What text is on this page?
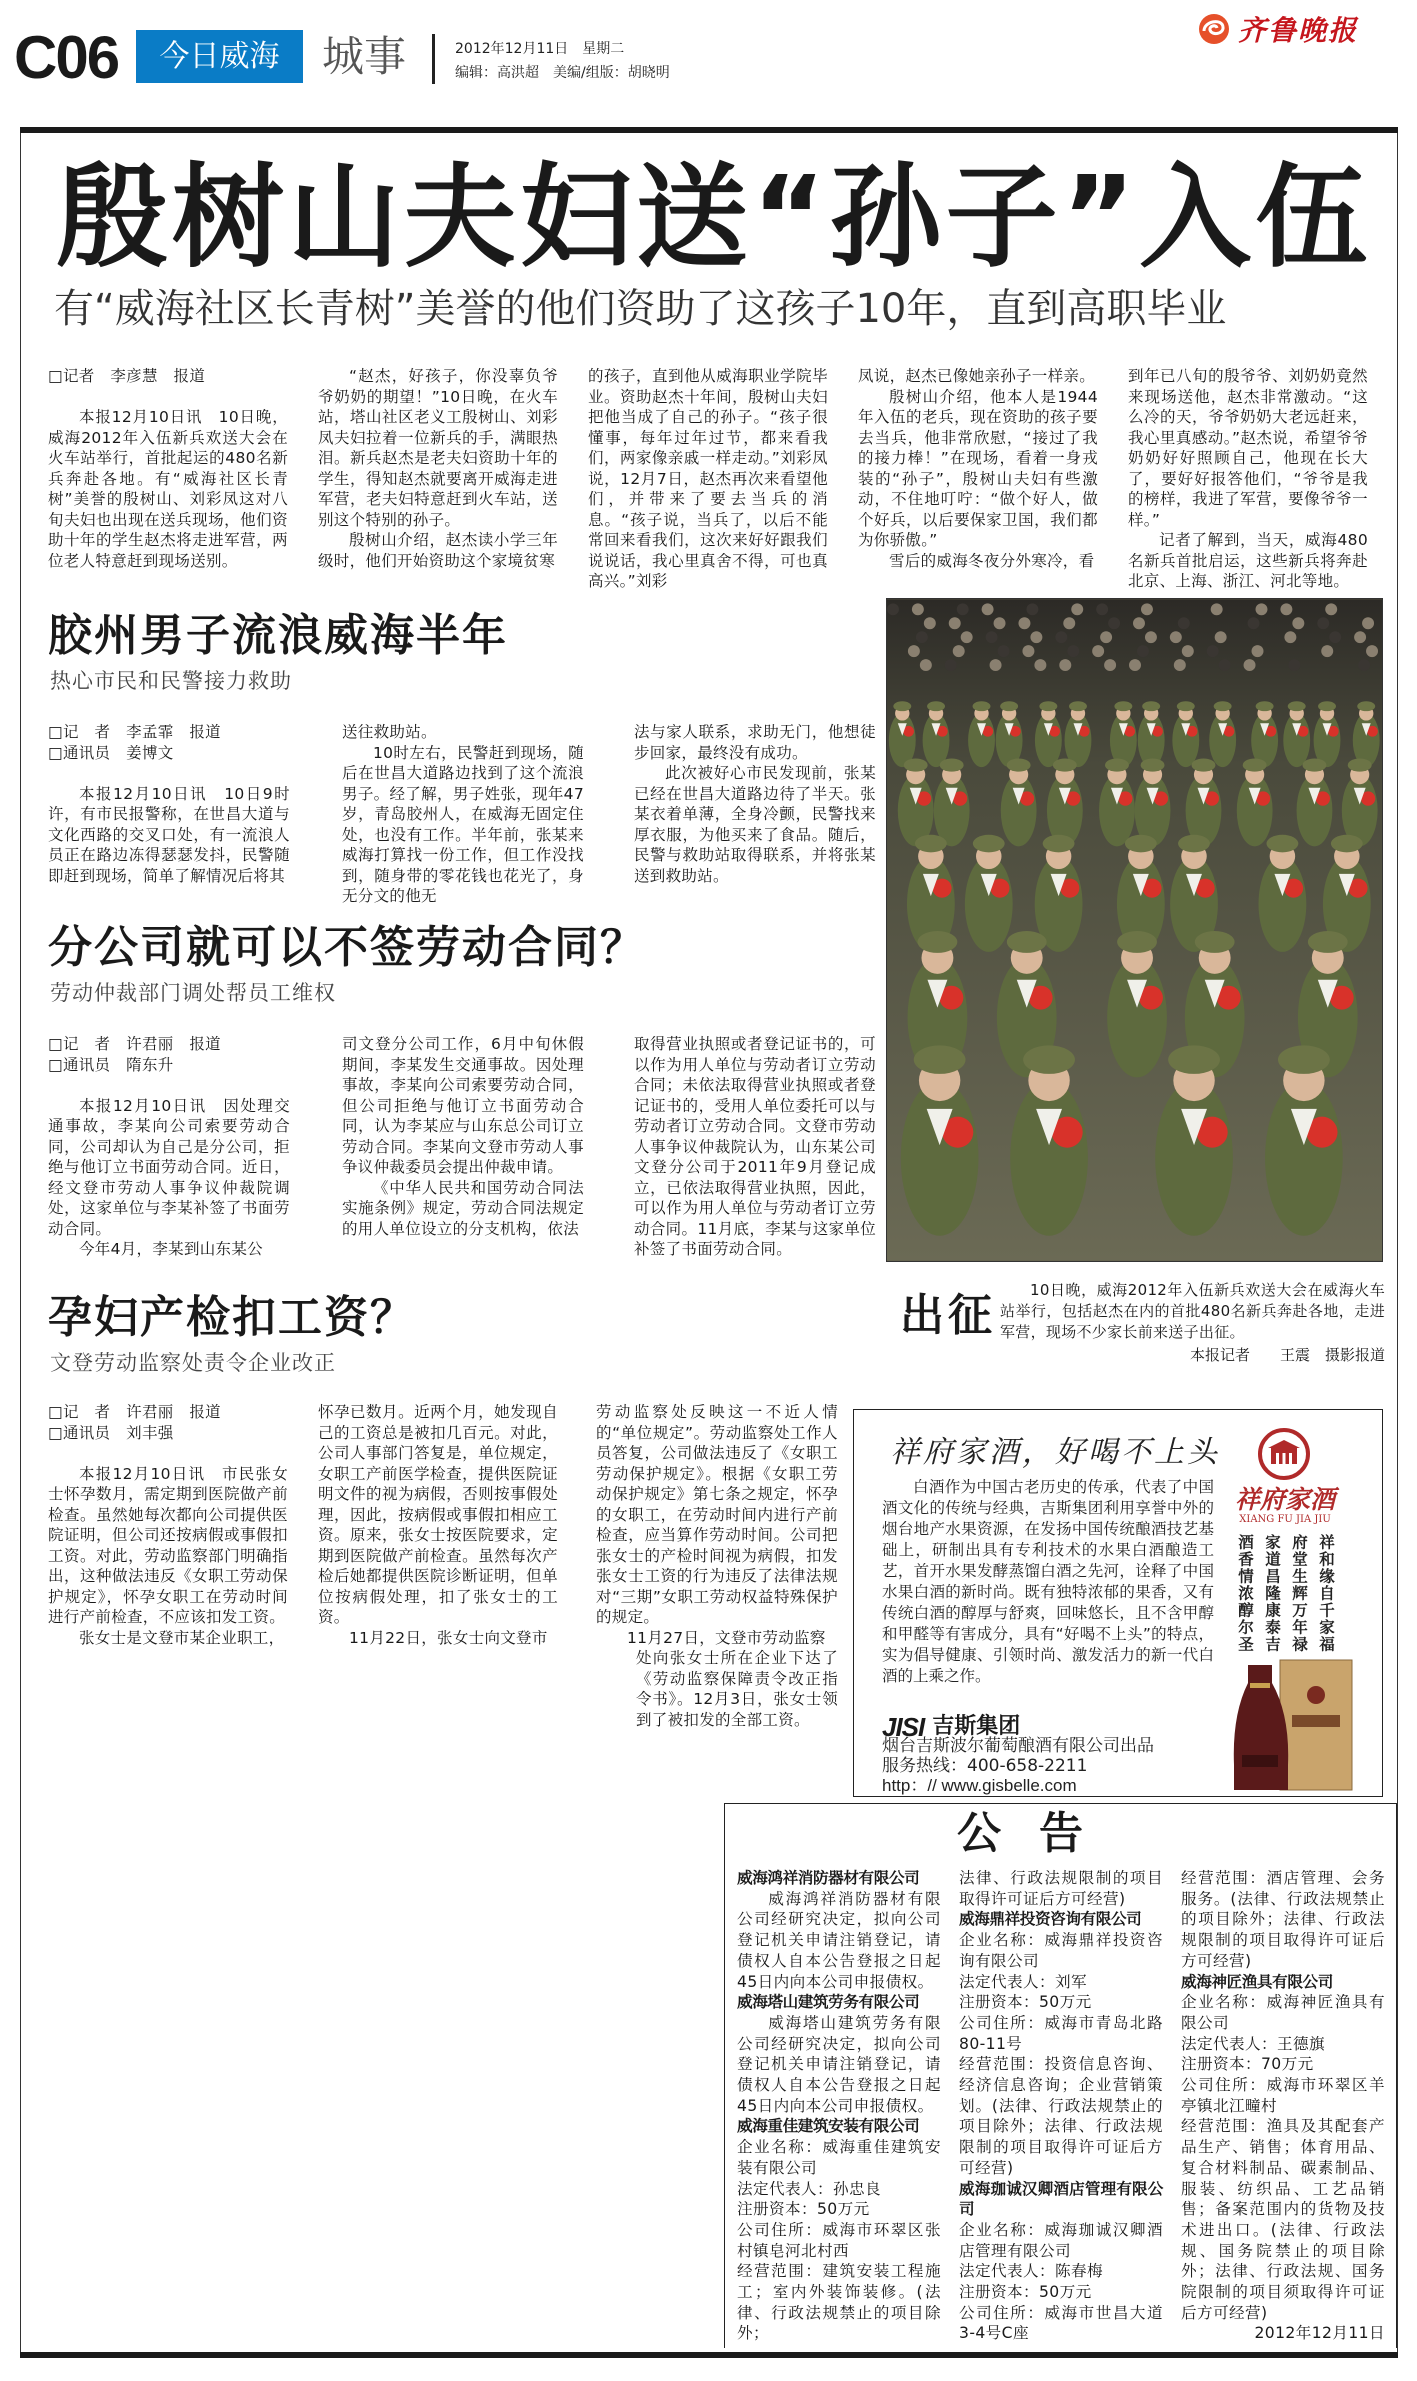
C06	今日威海	城事	2012年12月11日　星期二
编辑：高洪超　美编/组版：胡晓明
齐鲁晚报
殷树山夫妇送“孙子”入伍
有“威海社区长青树”美誉的他们资助了这孩子10年，直到高职毕业

□记者　李彦慧　报道

本报12月10日讯　10日晚，威海2012年入伍新兵欢送大会在火车站举行，首批起运的480名新兵奔赴各地。有“威海社区长青树”美誉的殷树山、刘彩凤这对八旬夫妇也出现在送兵现场，他们资助十年的学生赵杰将走进军营，两位老人特意赶到现场送别。

“赵杰，好孩子，你没辜负爷爷奶奶的期望！”10日晚，在火车站，塔山社区老义工殷树山、刘彩凤夫妇拉着一位新兵的手，满眼热泪。新兵赵杰是老夫妇资助十年的学生，得知赵杰就要离开威海走进军营，老夫妇特意赶到火车站，送别这个特别的孙子。

殷树山介绍，赵杰读小学三年级时，他们开始资助这个家境贫寒

的孩子，直到他从威海职业学院毕业。资助赵杰十年间，殷树山夫妇把他当成了自己的孙子。“孩子很懂事，每年过年过节，都来看我们，两家像亲戚一样走动。”刘彩凤说，12月7日，赵杰再次来看望他们，并带来了要去当兵的消息。“孩子说，当兵了，以后不能常回来看我们，这次来好好跟我们说说话，我心里真舍不得，可也真高兴。”刘彩

凤说，赵杰已像她亲孙子一样亲。

殷树山介绍，他本人是1944年入伍的老兵，现在资助的孩子要去当兵，他非常欣慰，“接过了我的接力棒！”在现场，看着一身戎装的“孙子”，殷树山夫妇有些激动，不住地叮咛：“做个好人，做个好兵，以后要保家卫国，我们都为你骄傲。”

雪后的威海冬夜分外寒冷，看

到年已八旬的殷爷爷、刘奶奶竟然来现场送他，赵杰非常激动。“这么冷的天，爷爷奶奶大老远赶来，我心里真感动。”赵杰说，希望爷爷奶奶好好照顾自己，他现在长大了，要好好报答他们，“爷爷是我的榜样，我进了军营，要像爷爷一样。”

记者了解到，当天，威海480名新兵首批启运，这些新兵将奔赴北京、上海、浙江、河北等地。

胶州男子流浪威海半年
热心市民和民警接力救助

□记　者　李孟霏　报道

□通讯员　姜博文

本报12月10日讯　10日9时许，有市民报警称，在世昌大道与文化西路的交叉口处，有一流浪人员正在路边冻得瑟瑟发抖，民警随即赶到现场，简单了解情况后将其

送往救助站。

10时左右，民警赶到现场，随后在世昌大道路边找到了这个流浪男子。经了解，男子姓张，现年47岁，青岛胶州人，在威海无固定住处，也没有工作。半年前，张某来威海打算找一份工作，但工作没找到，随身带的零花钱也花光了，身无分文的他无

法与家人联系，求助无门，他想徒步回家，最终没有成功。

此次被好心市民发现前，张某已经在世昌大道路边待了半天。张某衣着单薄，全身冷颤，民警找来厚衣服，为他买来了食品。随后，民警与救助站取得联系，并将张某送到救助站。

分公司就可以不签劳动合同？
劳动仲裁部门调处帮员工维权

□记　者　许君丽　报道

□通讯员　隋东升

本报12月10日讯　因处理交通事故，李某向公司索要劳动合同，公司却认为自己是分公司，拒绝与他订立书面劳动合同。近日，经文登市劳动人事争议仲裁院调处，这家单位与李某补签了书面劳动合同。

今年4月，李某到山东某公

司文登分公司工作，6月中旬休假期间，李某发生交通事故。因处理事故，李某向公司索要劳动合同，但公司拒绝与他订立书面劳动合同，认为李某应与山东总公司订立劳动合同。李某向文登市劳动人事争议仲裁委员会提出仲裁申请。

《中华人民共和国劳动合同法实施条例》规定，劳动合同法规定的用人单位设立的分支机构，依法

取得营业执照或者登记证书的，可以作为用人单位与劳动者订立劳动合同；未依法取得营业执照或者登记证书的，受用人单位委托可以与劳动者订立劳动合同。文登市劳动人事争议仲裁院认为，山东某公司文登分公司于2011年9月登记成立，已依法取得营业执照，因此，可以作为用人单位与劳动者订立劳动合同。11月底，李某与这家单位补签了书面劳动合同。

出征	10日晚，威海2012年入伍新兵欢送大会在威海火车站举行，包括赵杰在内的首批480名新兵奔赴各地，走进军营，现场不少家长前来送子出征。
本报记者　　王震　摄影报道
孕妇产检扣工资？
文登劳动监察处责令企业改正

□记　者　许君丽　报道

□通讯员　刘丰强

本报12月10日讯　市民张女士怀孕数月，需定期到医院做产前检查。虽然她每次都向公司提供医院证明，但公司还按病假或事假扣工资。对此，劳动监察部门明确指出，这种做法违反《女职工劳动保护规定》，怀孕女职工在劳动时间进行产前检查，不应该扣发工资。

张女士是文登市某企业职工，

怀孕已数月。近两个月，她发现自己的工资总是被扣几百元。对此，公司人事部门答复是，单位规定，女职工产前医学检查，提供医院证明文件的视为病假，否则按事假处理，因此，按病假或事假扣相应工资。原来，张女士按医院要求，定期到医院做产前检查。虽然每次产检后她都提供医院诊断证明，但单位按病假处理，扣了张女士的工资。

11月22日，张女士向文登市

劳动监察处反映这一不近人情的“单位规定”。劳动监察处工作人员答复，公司做法违反了《女职工劳动保护规定》。根据《女职工劳动保护规定》第七条之规定，怀孕的女职工，在劳动时间内进行产前检查，应当算作劳动时间。公司把张女士的产检时间视为病假，扣发张女士工资的行为违反了法律法规对“三期”女职工劳动权益特殊保护的规定。

11月27日，文登市劳动监察

处向张女士所在企业下达了《劳动监察保障责令改正指令书》。12月3日，张女士领到了被扣发的全部工资。

祥府家酒，好喝不上头
白酒作为中国古老历史的传承，代表了中国酒文化的传统与经典，吉斯集团利用享誉中外的烟台地产水果资源，在发扬中国传统酿酒技艺基础上，研制出具有专利技术的水果白酒酿造工艺，首开水果发酵蒸馏白酒之先河，诠释了中国水果白酒的新时尚。既有独特浓郁的果香，又有传统白酒的醇厚与舒爽，回味悠长，且不含甲醇和甲醛等有害成分，具有“好喝不上头”的特点，实为倡导健康、引领时尚、激发活力的新一代白酒的上乘之作。
JISI 吉斯集团
烟台吉斯波尔葡萄酿酒有限公司出品
服务热线：400-658-2211
http：// www.gisbelle.com
祥府家酒
XIANG FU JIA JIU
祥和缘自千家福
府堂生辉万年禄
家道昌隆康泰吉
酒香情浓醇尔圣
公告

威海鸿祥消防器材有限公司

威海鸿祥消防器材有限公司经研究决定，拟向公司登记机关申请注销登记，请债权人自本公告登报之日起45日内向本公司申报债权。

威海塔山建筑劳务有限公司

威海塔山建筑劳务有限公司经研究决定，拟向公司登记机关申请注销登记，请债权人自本公告登报之日起45日内向本公司申报债权。

威海重佳建筑安装有限公司

企业名称：威海重佳建筑安装有限公司

法定代表人：孙忠良

注册资本：50万元

公司住所：威海市环翠区张村镇皂河北村西

经营范围：建筑安装工程施工；室内外装饰装修。(法律、行政法规禁止的项目除外；

法律、行政法规限制的项目取得许可证后方可经营)

威海鼎祥投资咨询有限公司

企业名称：威海鼎祥投资咨询有限公司

法定代表人：刘军

注册资本：50万元

公司住所：威海市青岛北路80-11号

经营范围：投资信息咨询、经济信息咨询；企业营销策划。(法律、行政法规禁止的项目除外；法律、行政法规限制的项目取得许可证后方可经营)

威海珈诚汉卿酒店管理有限公司

企业名称：威海珈诚汉卿酒店管理有限公司

法定代表人：陈春梅

注册资本：50万元

公司住所：威海市世昌大道3-4号C座

经营范围：酒店管理、会务服务。(法律、行政法规禁止的项目除外；法律、行政法规限制的项目取得许可证后方可经营)

威海神匠渔具有限公司

企业名称：威海神匠渔具有限公司

法定代表人：王德旗

注册资本：70万元

公司住所：威海市环翠区羊亭镇北江疃村

经营范围：渔具及其配套产品生产、销售；体育用品、复合材料制品、碳素制品、服装、纺织品、工艺品销售；备案范围内的货物及技术进出口。(法律、行政法规、国务院禁止的项目除外；法律、行政法规、国务院限制的项目须取得许可证后方可经营)

2012年12月11日
